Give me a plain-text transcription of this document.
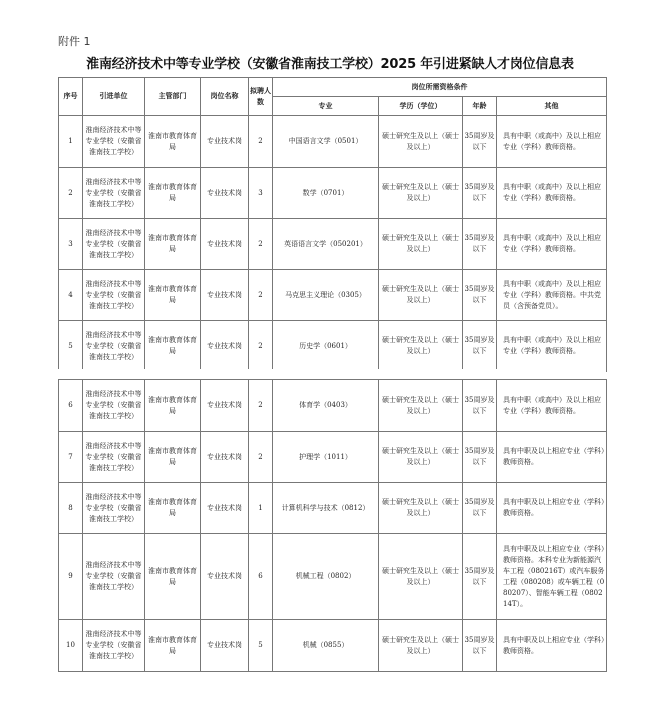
附件 1
淮南经济技术中等专业学校（安徽省淮南技工学校）2025 年引进紧缺人才岗位信息表
序号	引进单位	主管部门	岗位名称	拟聘人数	岗位所需资格条件			
					专业	学历（学位）	年龄	其他
1	淮南经济技术中等专业学校（安徽省淮南技工学校）	淮南市教育体育局	专业技术岗	2	中国语言文学（0501）	硕士研究生及以上（硕士及以上）	35周岁及以下	具有中职（或高中）及以上相应专业（学科）教师资格。
2	淮南经济技术中等专业学校（安徽省淮南技工学校）	淮南市教育体育局	专业技术岗	3	数学（0701）	硕士研究生及以上（硕士及以上）	35周岁及以下	具有中职（或高中）及以上相应专业（学科）教师资格。
3	淮南经济技术中等专业学校（安徽省淮南技工学校）	淮南市教育体育局	专业技术岗	2	英语语言文学（050201）	硕士研究生及以上（硕士及以上）	35周岁及以下	具有中职（或高中）及以上相应专业（学科）教师资格。
4	淮南经济技术中等专业学校（安徽省淮南技工学校）	淮南市教育体育局	专业技术岗	2	马克思主义理论（0305）	硕士研究生及以上（硕士及以上）	35周岁及以下	具有中职（或高中）及以上相应专业（学科）教师资格。中共党员（含预备党员）。
5	淮南经济技术中等专业学校（安徽省淮南技工学校）	淮南市教育体育局	专业技术岗	2	历史学（0601）	硕士研究生及以上（硕士及以上）	35周岁及以下	具有中职（或高中）及以上相应专业（学科）教师资格。
6	淮南经济技术中等专业学校（安徽省淮南技工学校）	淮南市教育体育局	专业技术岗	2	体育学（0403）	硕士研究生及以上（硕士及以上）	35周岁及以下	具有中职（或高中）及以上相应专业（学科）教师资格。
7	淮南经济技术中等专业学校（安徽省淮南技工学校）	淮南市教育体育局	专业技术岗	2	护理学（1011）	硕士研究生及以上（硕士及以上）	35周岁及以下	具有中职及以上相应专业（学科）教师资格。
8	淮南经济技术中等专业学校（安徽省淮南技工学校）	淮南市教育体育局	专业技术岗	1	计算机科学与技术（0812）	硕士研究生及以上（硕士及以上）	35周岁及以下	具有中职及以上相应专业（学科）教师资格。
9	淮南经济技术中等专业学校（安徽省淮南技工学校）	淮南市教育体育局	专业技术岗	6	机械工程（0802）	硕士研究生及以上（硕士及以上）	35周岁及以下	具有中职及以上相应专业（学科）教师资格。本科专业为新能源汽车工程（080216T）或汽车服务工程（080208）或车辆工程（080207）、智能车辆工程（080214T）。
10	淮南经济技术中等专业学校（安徽省淮南技工学校）	淮南市教育体育局	专业技术岗	5	机械（0855）	硕士研究生及以上（硕士及以上）	35周岁及以下	具有中职及以上相应专业（学科）教师资格。
